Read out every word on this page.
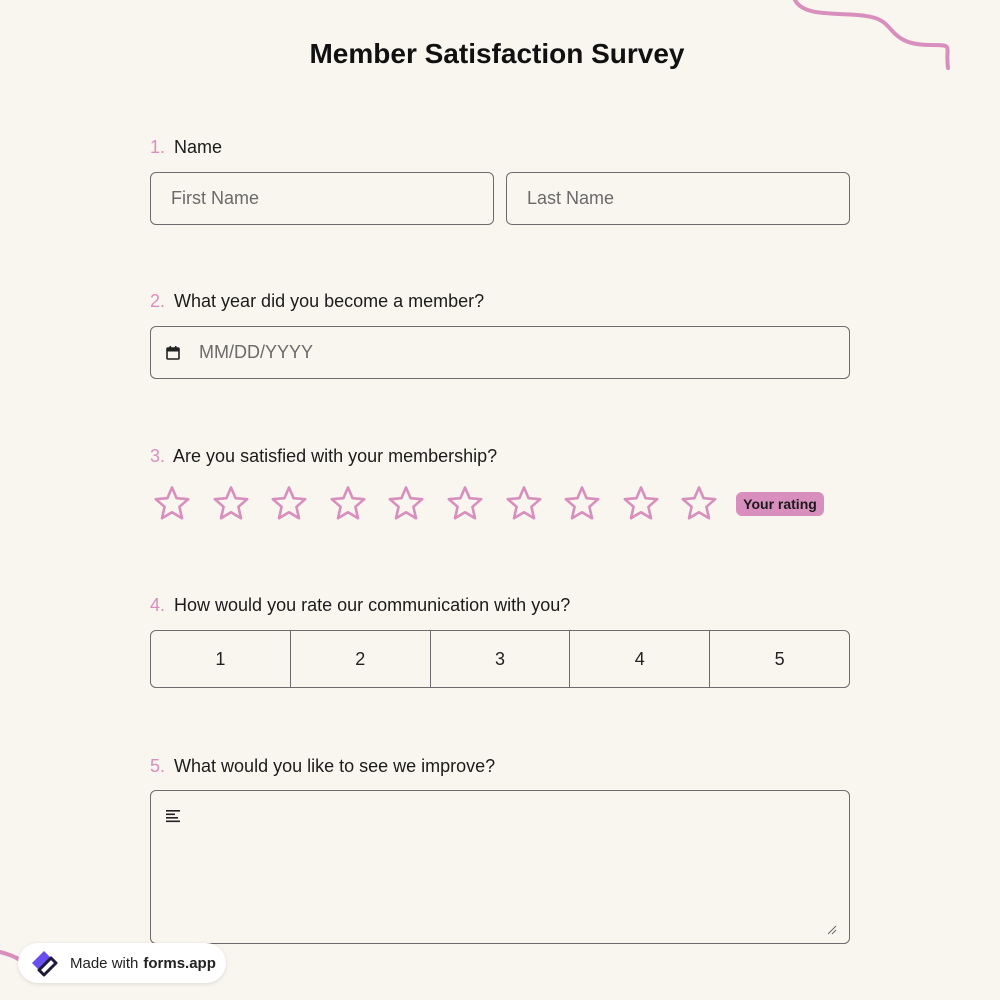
Member Satisfaction Survey
1. Name
First Name
Last Name
2. What year did you become a member?
MM/DD/YYYY
3. Are you satisfied with your membership?
Your rating
4. How would you rate our communication with you?
1	2	3	4	5
5. What would you like to see we improve?
Made with forms.app
